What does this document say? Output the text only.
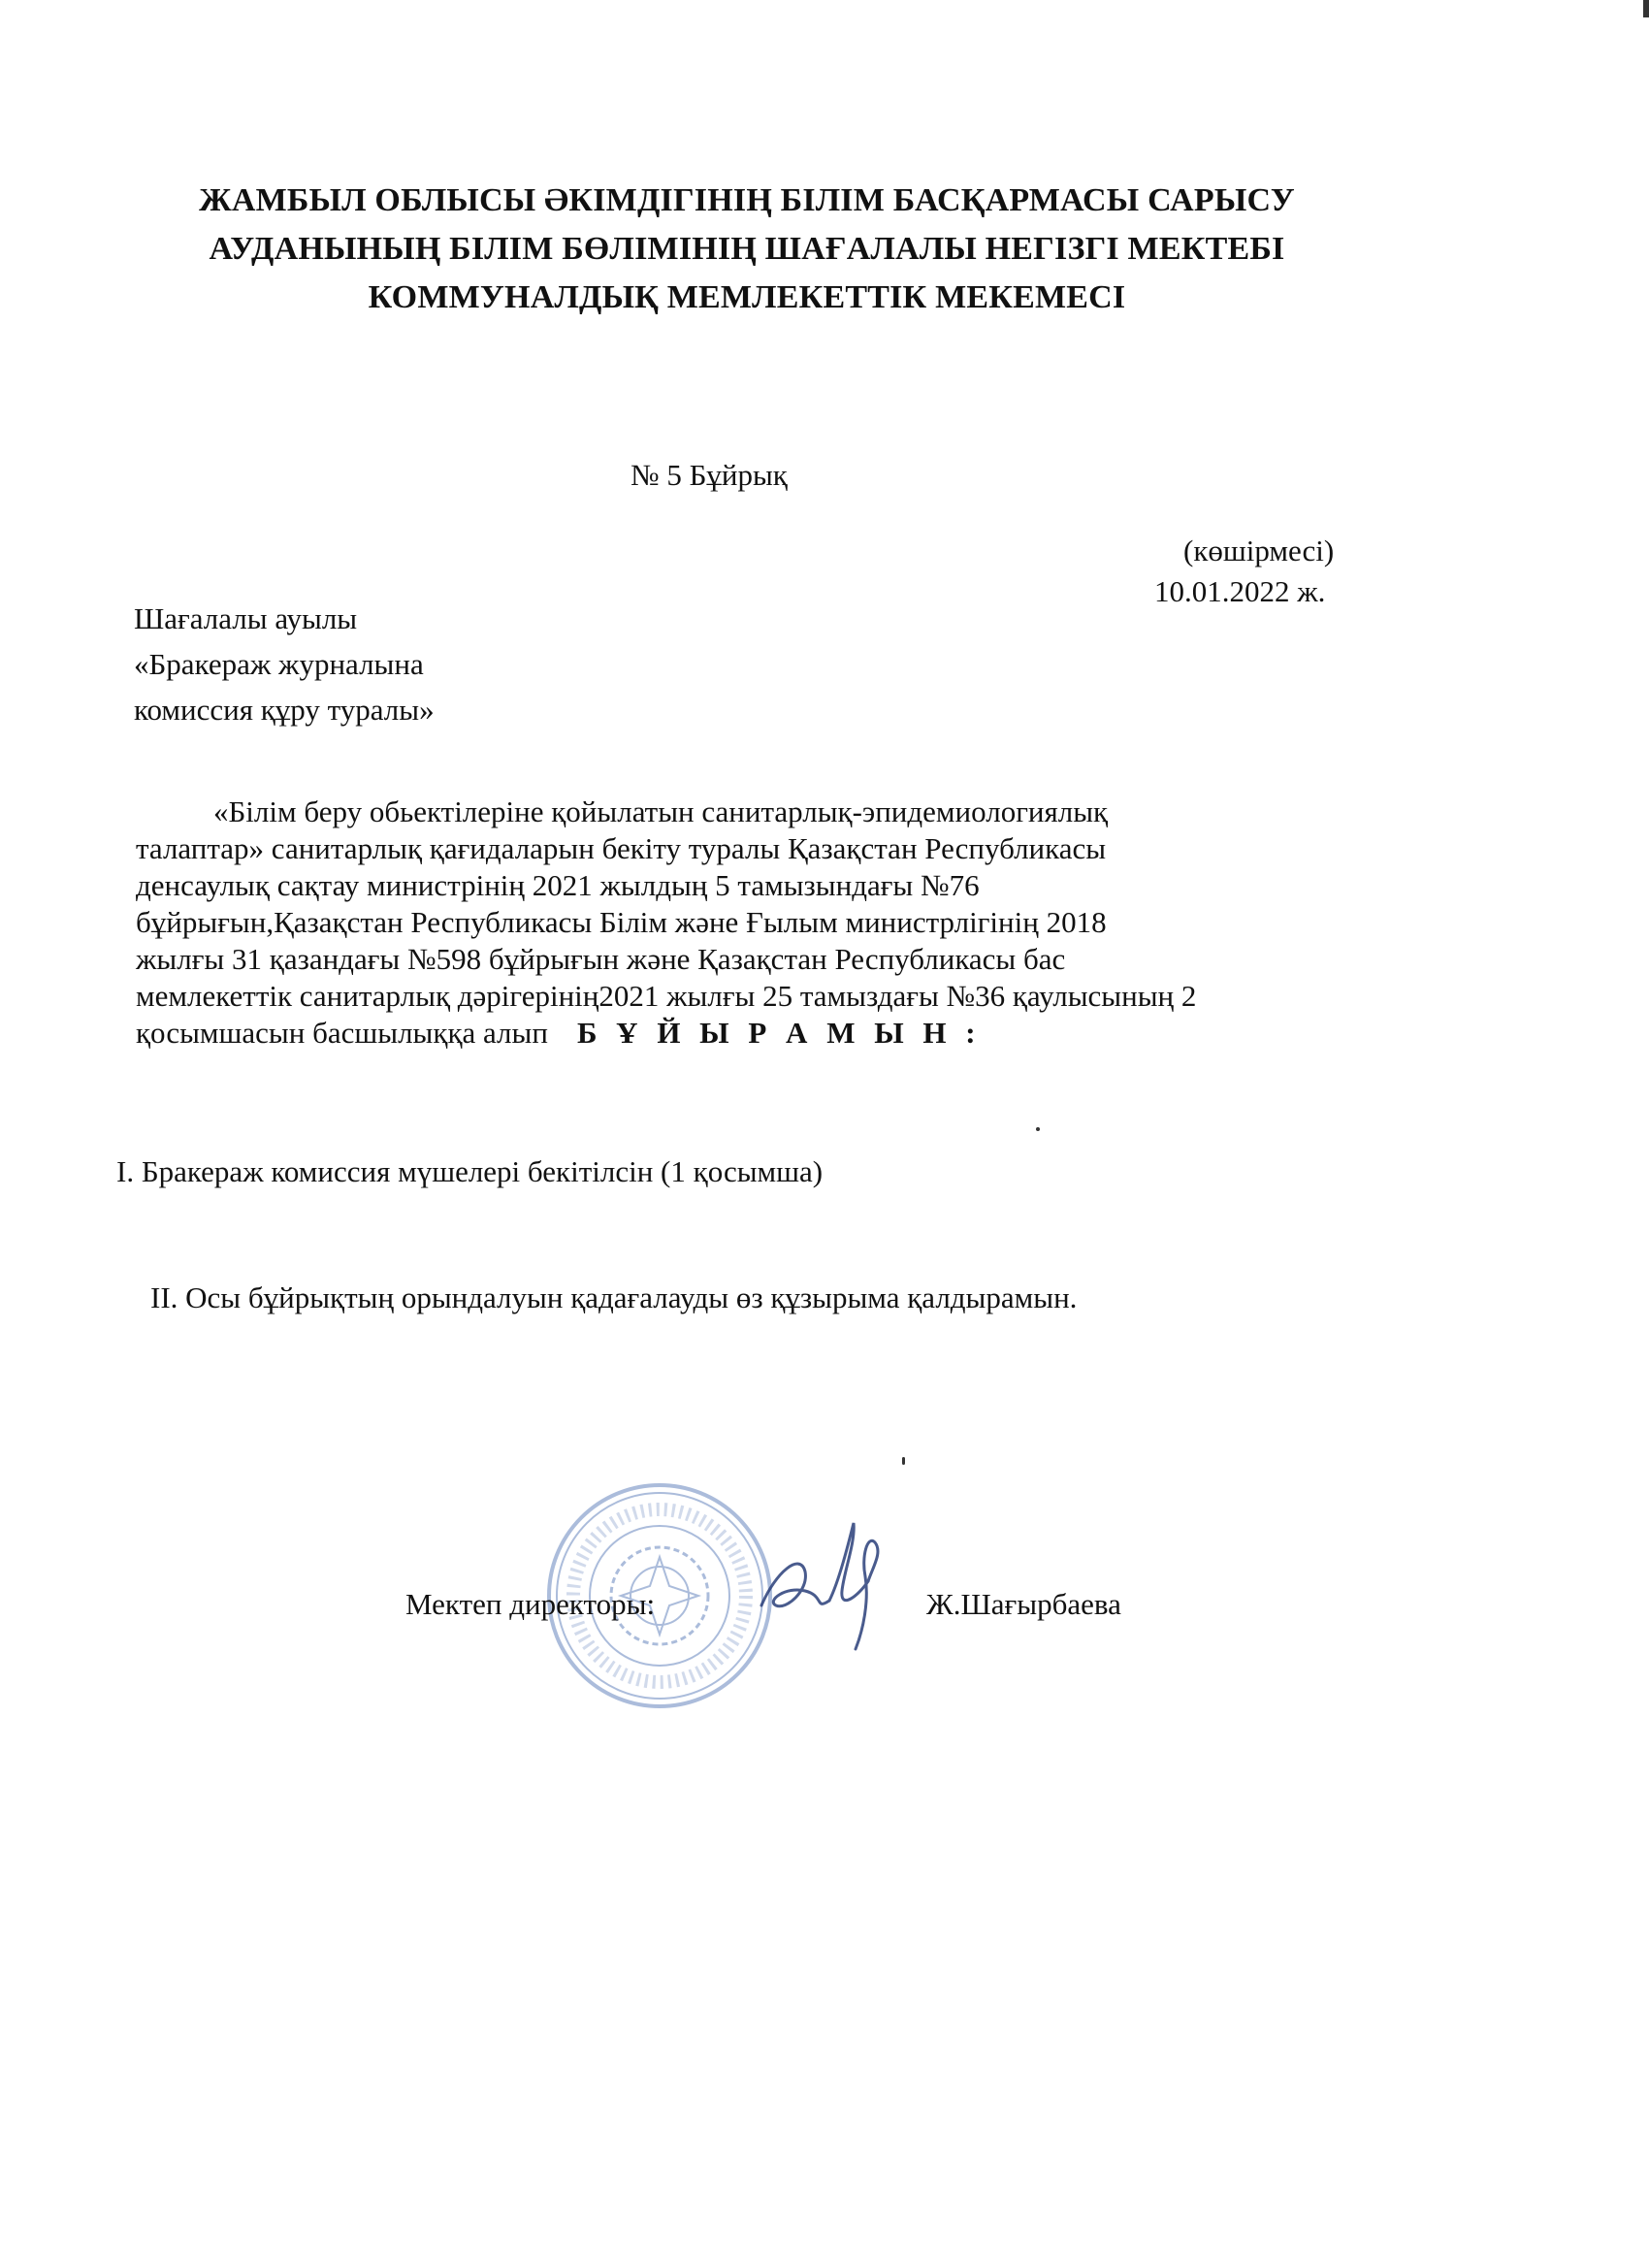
ЖАМБЫЛ ОБЛЫСЫ ӘКІМДІГІНІҢ БІЛІМ БАСҚАРМАСЫ САРЫСУ
АУДАНЫНЫҢ БІЛІМ БӨЛІМІНІҢ ШАҒАЛАЛЫ НЕГІЗГІ МЕКТЕБІ
КОММУНАЛДЫҚ МЕМЛЕКЕТТІК МЕКЕМЕСІ
№ 5 Бұйрық
(көшірмесі)
10.01.2022 ж.
Шағалалы ауылы
«Бракераж журналына
комиссия құру туралы»
«Білім беру обьектілеріне қойылатын санитарлық-эпидемиологиялық
талаптар» санитарлық қағидаларын бекіту туралы Қазақстан Республикасы
денсаулық сақтау министрінің 2021 жылдың 5 тамызындағы №76
бұйрығын,Қазақстан Республикасы Білім және Ғылым министрлігінің 2018
жылғы 31 қазандағы №598 бұйрығын және Қазақстан Республикасы бас
мемлекеттік санитарлық дәрігерінің2021 жылғы 25 тамыздағы №36 қаулысының 2
қосымшасын басшылыққа алып Б Ұ Й Ы Р А М Ы Н :
I. Бракераж комиссия мүшелері бекітілсін (1 қосымша)
II. Осы бұйрықтың орындалуын қадағалауды өз құзырыма қалдырамын.
Мектеп директоры:	Ж.Шағырбаева
